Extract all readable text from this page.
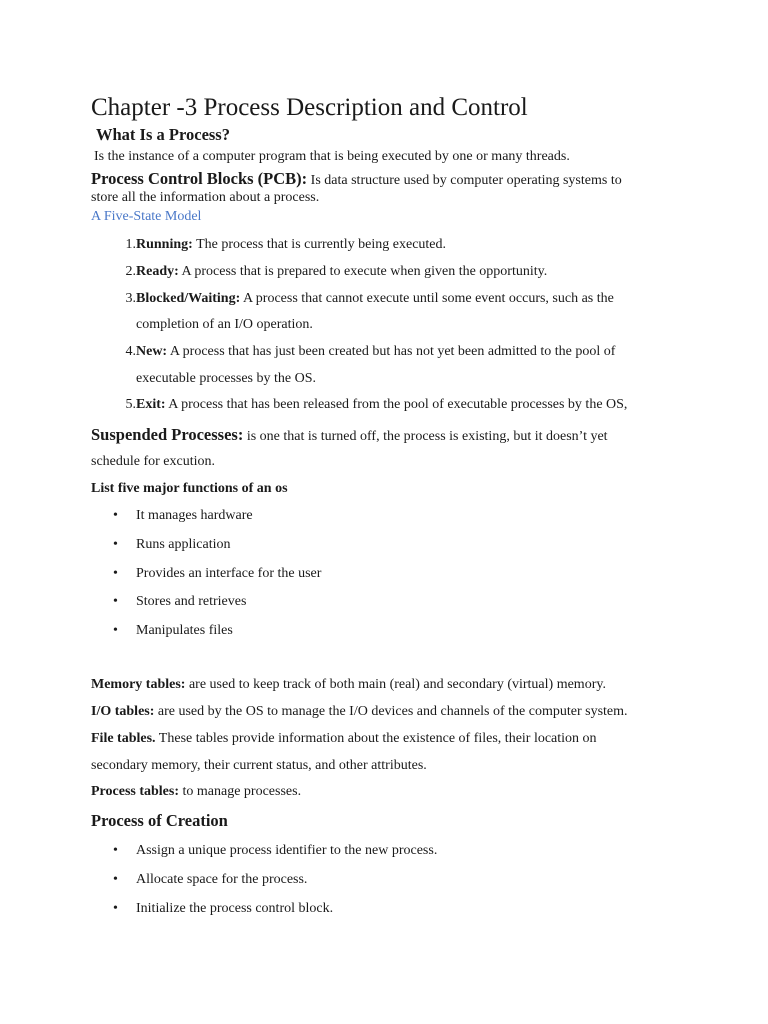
Chapter -3 Process Description and Control
What Is a Process?
Is the instance of a computer program that is being executed by one or many threads.
Process Control Blocks (PCB): Is data structure used by computer operating systems to
store all the information about a process.
A Five-State Model
1. Running: The process that is currently being executed.
2. Ready: A process that is prepared to execute when given the opportunity.
3. Blocked/Waiting: A process that cannot execute until some event occurs, such as the
completion of an I/O operation.
4. New: A process that has just been created but has not yet been admitted to the pool of
executable processes by the OS.
5. Exit: A process that has been released from the pool of executable processes by the OS,
Suspended Processes: is one that is turned off, the process is existing, but it doesn’t yet
schedule for excution.
List five major functions of an os
• It manages hardware
• Runs application
• Provides an interface for the user
• Stores and retrieves
• Manipulates files
Memory tables: are used to keep track of both main (real) and secondary (virtual) memory.
I/O tables: are used by the OS to manage the I/O devices and channels of the computer system.
File tables. These tables provide information about the existence of files, their location on
secondary memory, their current status, and other attributes.
Process tables: to manage processes.
Process of Creation
• Assign a unique process identifier to the new process.
• Allocate space for the process.
• Initialize the process control block.
